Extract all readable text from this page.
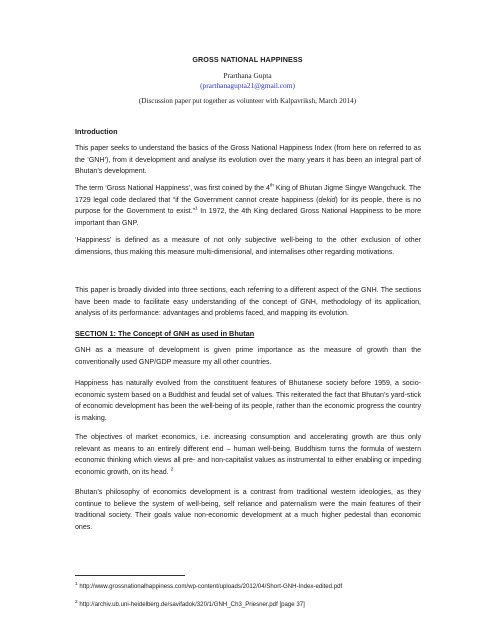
GROSS NATIONAL HAPPINESS
Prarthana Gupta
(prarthanagupta21@gmail.com)
(Discussion paper put together as volunteer with Kalpavriksh, March 2014)
Introduction
This paper seeks to understand the basics of the Gross National Happiness Index (from here on referred to as the ‘GNH’), from it development and analyse its evolution over the many years it has been an integral part of Bhutan’s development.
The term ‘Gross National Happiness’, was first coined by the 4th King of Bhutan Jigme Singye Wangchuck. The 1729 legal code declared that “if the Government cannot create happiness (dekid) for its people, there is no purpose for the Government to exist.”$^1$ In 1972, the 4th King declared Gross National Happiness to be more important than GNP.
‘Happiness’ is defined as a measure of not only subjective well-being to the other exclusion of other dimensions, thus making this measure multi-dimensional, and internalises other regarding motivations.
This paper is broadly divided into three sections, each referring to a different aspect of the GNH. The sections have been made to facilitate easy understanding of the concept of GNH, methodology of its application, analysis of its performance: advantages and problems faced, and mapping its evolution.
SECTION 1: The Concept of GNH as used in Bhutan
GNH as a measure of development is given prime importance as the measure of growth than the conventionally used GNP/GDP measure my all other countries.
Happiness has naturally evolved from the constituent features of Bhutanese society before 1959, a socio-economic system based on a Buddhist and feudal set of values. This reiterated the fact that Bhutan’s yard-stick of economic development has been the well-being of its people, rather than the economic progress the country is making.
The objectives of market economics, i.e. increasing consumption and accelerating growth are thus only relevant as means to an entirely different end – human well-being. Buddhism turns the formula of western economic thinking which views all pre- and non-capitalist values as instrumental to either enabling or impeding economic growth, on its head. $^2$
Bhutan’s philosophy of economics development is a contrast from traditional western ideologies, as they continue to believe the system of well-being, self reliance and paternalism were the main features of their traditional society. Their goals value non-economic development at a much higher pedestal than economic ones.
$^1$ http://www.grossnationalhappiness.com/wp-content/uploads/2012/04/Short-GNH-Index-edited.pdf
$^2$ http://archiv.ub.uni-heidelberg.de/savifadok/320/1/GNH_Ch3_Priesner.pdf [page 37]
